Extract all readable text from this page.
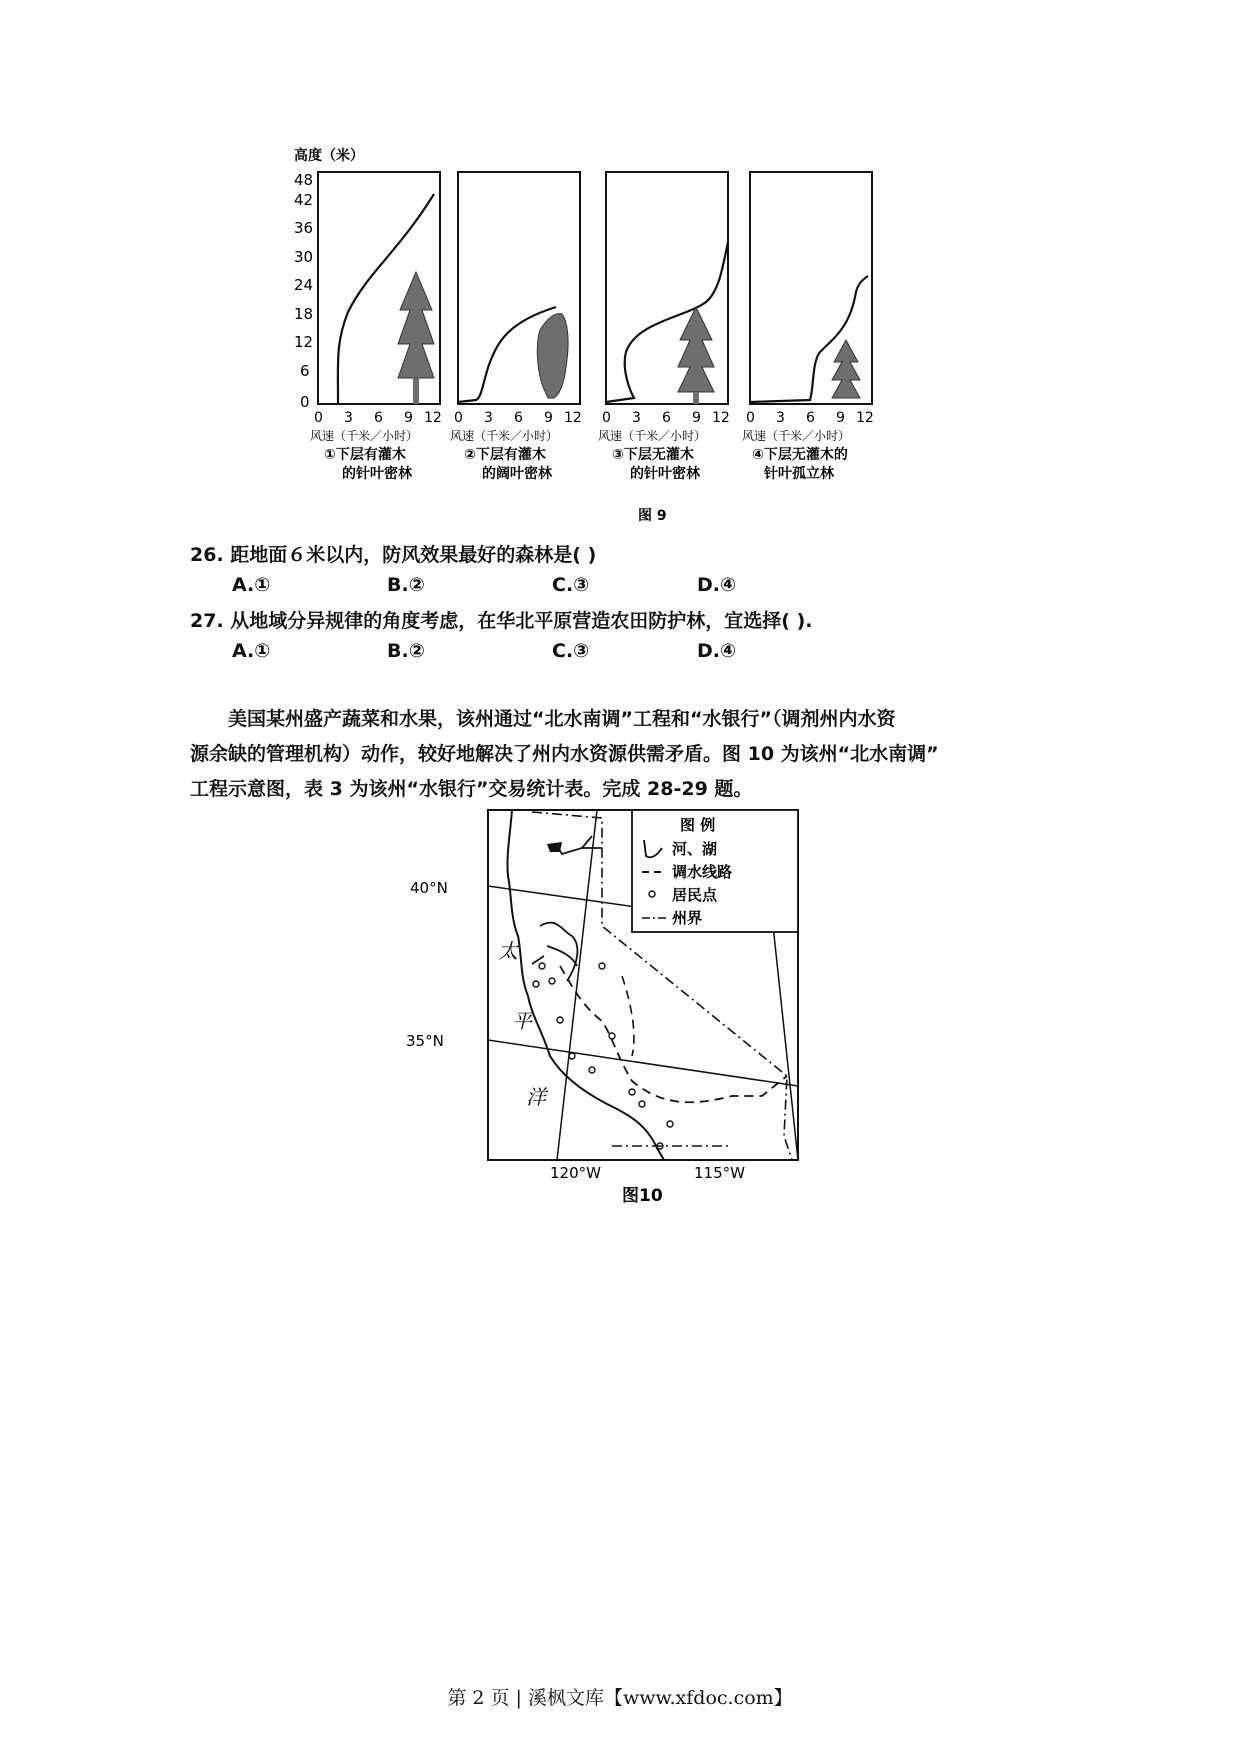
高度（米）
48
42
36
30
24
18
12
6
0
0 3 6 9 12
风速（千米／小时）
①下层有灌木
的针叶密林
0 3 6 9 12
风速（千米／小时）
②下层有灌木
的阔叶密林
0 3 6 9 12
风速（千米／小时）
③下层无灌木
的针叶密林
0 3 6 9 12
风速（千米／小时）
④下层无灌木的
针叶孤立林
图 9
26. 距地面６米以内，防风效果最好的森林是( )
A.①	B.②	C.③	D.④
27. 从地域分异规律的角度考虑，在华北平原营造农田防护林，宜选择( ).
A.①	B.②	C.③	D.④
美国某州盛产蔬菜和水果，该州通过“北水南调”工程和“水银行”（调剂州内水资
源余缺的管理机构）动作，较好地解决了州内水资源供需矛盾。图 10 为该州“北水南调”
工程示意图，表 3 为该州“水银行”交易统计表。完成 28-29 题。
图 例
河、湖
调水线路
居民点
州界
40°N
35°N
120°W	115°W
太
平
洋
图10
第 2 页 | 溪枫文库【www.xfdoc.com】
